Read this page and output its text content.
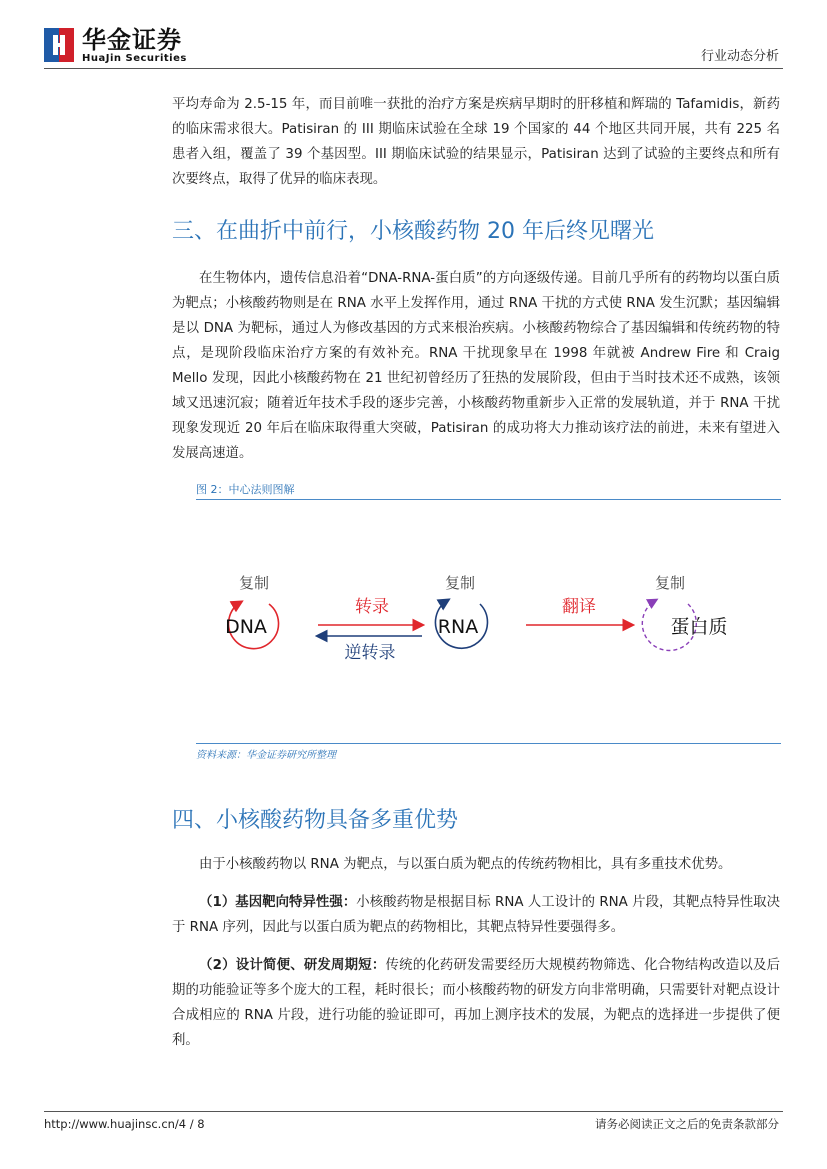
华金证券
HuaJin Securities	行业动态分析

平均寿命为 2.5-15 年，而目前唯一获批的治疗方案是疾病早期时的肝移植和辉瑞的 Tafamidis，新药的临床需求很大。Patisiran 的 III 期临床试验在全球 19 个国家的 44 个地区共同开展，共有 225 名患者入组，覆盖了 39 个基因型。III 期临床试验的结果显示，Patisiran 达到了试验的主要终点和所有次要终点，取得了优异的临床表现。

三、在曲折中前行，小核酸药物 20 年后终见曙光

在生物体内，遗传信息沿着“DNA-RNA-蛋白质”的方向逐级传递。目前几乎所有的药物均以蛋白质为靶点；小核酸药物则是在 RNA 水平上发挥作用，通过 RNA 干扰的方式使 RNA 发生沉默；基因编辑是以 DNA 为靶标，通过人为修改基因的方式来根治疾病。小核酸药物综合了基因编辑和传统药物的特点，是现阶段临床治疗方案的有效补充。RNA 干扰现象早在 1998 年就被 Andrew Fire 和 Craig Mello 发现，因此小核酸药物在 21 世纪初曾经历了狂热的发展阶段，但由于当时技术还不成熟，该领域又迅速沉寂；随着近年技术手段的逐步完善，小核酸药物重新步入正常的发展轨道，并于 RNA 干扰现象发现近 20 年后在临床取得重大突破，Patisiran 的成功将大力推动该疗法的前进，未来有望进入发展高速道。

图 2：中心法则图解
复制
DNA
转录
逆转录
复制
RNA
翻译
复制
蛋白质
资料来源：华金证券研究所整理
四、小核酸药物具备多重优势

由于小核酸药物以 RNA 为靶点，与以蛋白质为靶点的传统药物相比，具有多重技术优势。

（1）基因靶向特异性强：小核酸药物是根据目标 RNA 人工设计的 RNA 片段，其靶点特异性取决于 RNA 序列，因此与以蛋白质为靶点的药物相比，其靶点特异性要强得多。

（2）设计简便、研发周期短：传统的化药研发需要经历大规模药物筛选、化合物结构改造以及后期的功能验证等多个庞大的工程，耗时很长；而小核酸药物的研发方向非常明确，只需要针对靶点设计合成相应的 RNA 片段，进行功能的验证即可，再加上测序技术的发展，为靶点的选择进一步提供了便利。

http://www.huajinsc.cn/4 / 8	请务必阅读正文之后的免责条款部分
